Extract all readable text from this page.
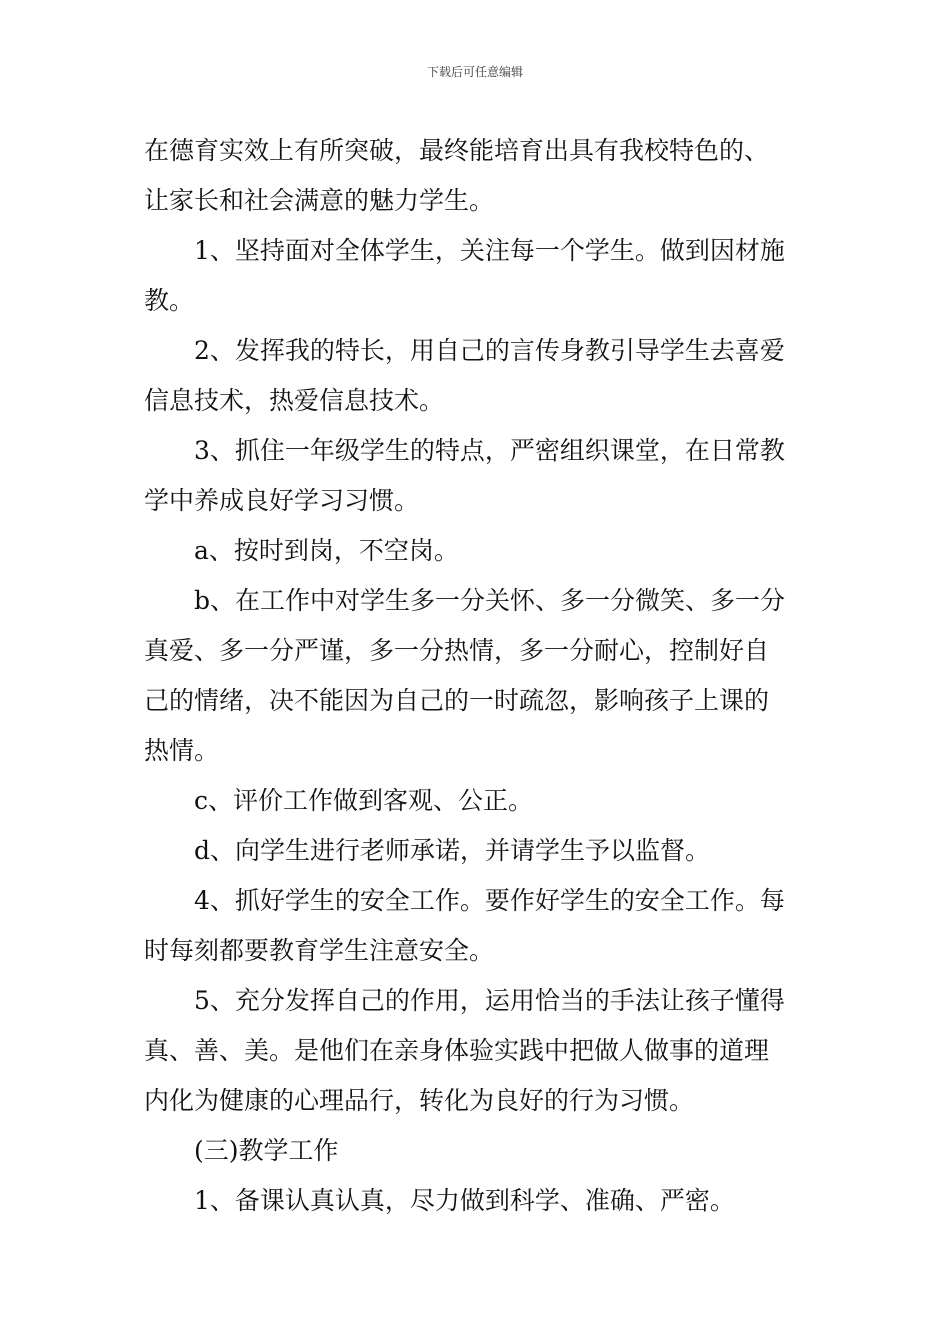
下载后可任意编辑
在德育实效上有所突破，最终能培育出具有我校特色的、
让家长和社会满意的魅力学生。
1、坚持面对全体学生，关注每一个学生。做到因材施
教。
2、发挥我的特长，用自己的言传身教引导学生去喜爱
信息技术，热爱信息技术。
3、抓住一年级学生的特点，严密组织课堂，在日常教
学中养成良好学习习惯。
a、按时到岗，不空岗。
b、在工作中对学生多一分关怀、多一分微笑、多一分
真爱、多一分严谨，多一分热情，多一分耐心，控制好自
己的情绪，决不能因为自己的一时疏忽，影响孩子上课的
热情。
c、评价工作做到客观、公正。
d、向学生进行老师承诺，并请学生予以监督。
4、抓好学生的安全工作。要作好学生的安全工作。每
时每刻都要教育学生注意安全。
5、充分发挥自己的作用，运用恰当的手法让孩子懂得
真、善、美。是他们在亲身体验实践中把做人做事的道理
内化为健康的心理品行，转化为良好的行为习惯。
(三)教学工作
1、备课认真认真，尽力做到科学、准确、严密。
